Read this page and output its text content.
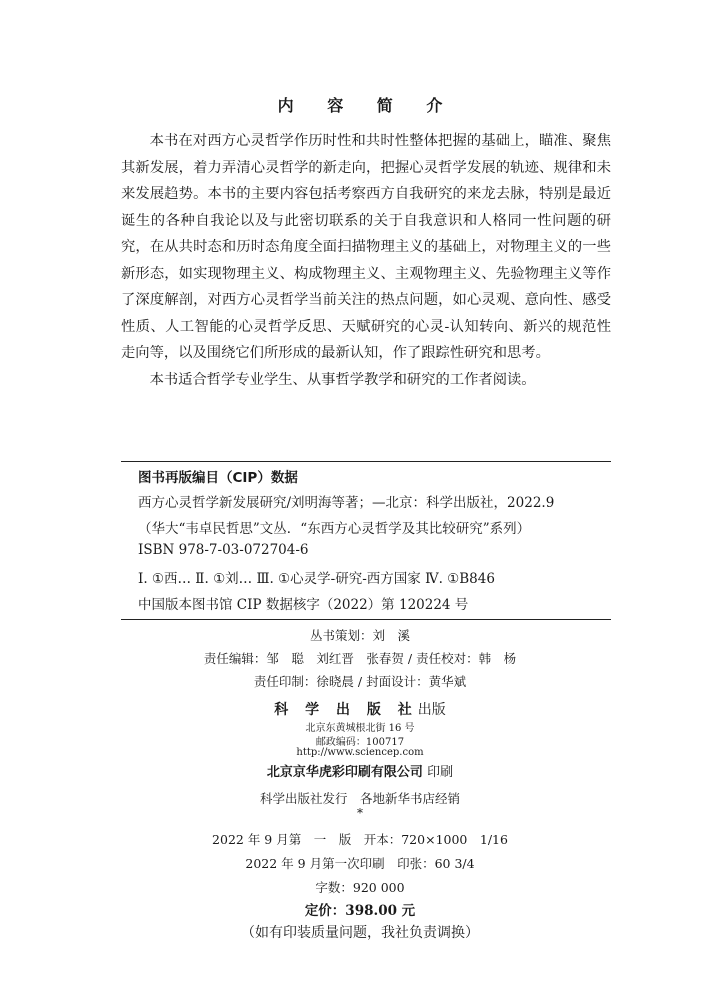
内 容 简 介

本书在对西方心灵哲学作历时性和共时性整体把握的基础上，瞄准、聚焦其新发展，着力弄清心灵哲学的新走向，把握心灵哲学发展的轨迹、规律和未来发展趋势。本书的主要内容包括考察西方自我研究的来龙去脉，特别是最近诞生的各种自我论以及与此密切联系的关于自我意识和人格同一性问题的研究，在从共时态和历时态角度全面扫描物理主义的基础上，对物理主义的一些新形态，如实现物理主义、构成物理主义、主观物理主义、先验物理主义等作了深度解剖，对西方心灵哲学当前关注的热点问题，如心灵观、意向性、感受性质、人工智能的心灵哲学反思、天赋研究的心灵-认知转向、新兴的规范性走向等，以及围绕它们所形成的最新认知，作了跟踪性研究和思考。

本书适合哲学专业学生、从事哲学教学和研究的工作者阅读。

图书再版编目（CIP）数据
西方心灵哲学新发展研究/刘明海等著；—北京：科学出版社，2022.9
（华大“韦卓民哲思”文丛．“东西方心灵哲学及其比较研究”系列）
ISBN 978-7-03-072704-6
Ⅰ. ①西… Ⅱ. ①刘… Ⅲ. ①心灵学-研究-西方国家 Ⅳ. ①B846
中国版本图书馆 CIP 数据核字（2022）第 120224 号
丛书策划：刘　溪
责任编辑：邹　聪　刘红晋　张春贺 / 责任校对：韩　杨
责任印制：徐晓晨 / 封面设计：黄华斌
科 学 出 版 社出版
北京东黄城根北街 16 号
邮政编码：100717
http://www.sciencep.com
北京京华虎彩印刷有限公司 印刷
科学出版社发行　各地新华书店经销
*
2022 年 9 月第　一　版　开本：720×1000　1/16
2022 年 9 月第一次印刷　印张：60 3/4
字数：920 000
定价：398.00 元
（如有印装质量问题，我社负责调换）
